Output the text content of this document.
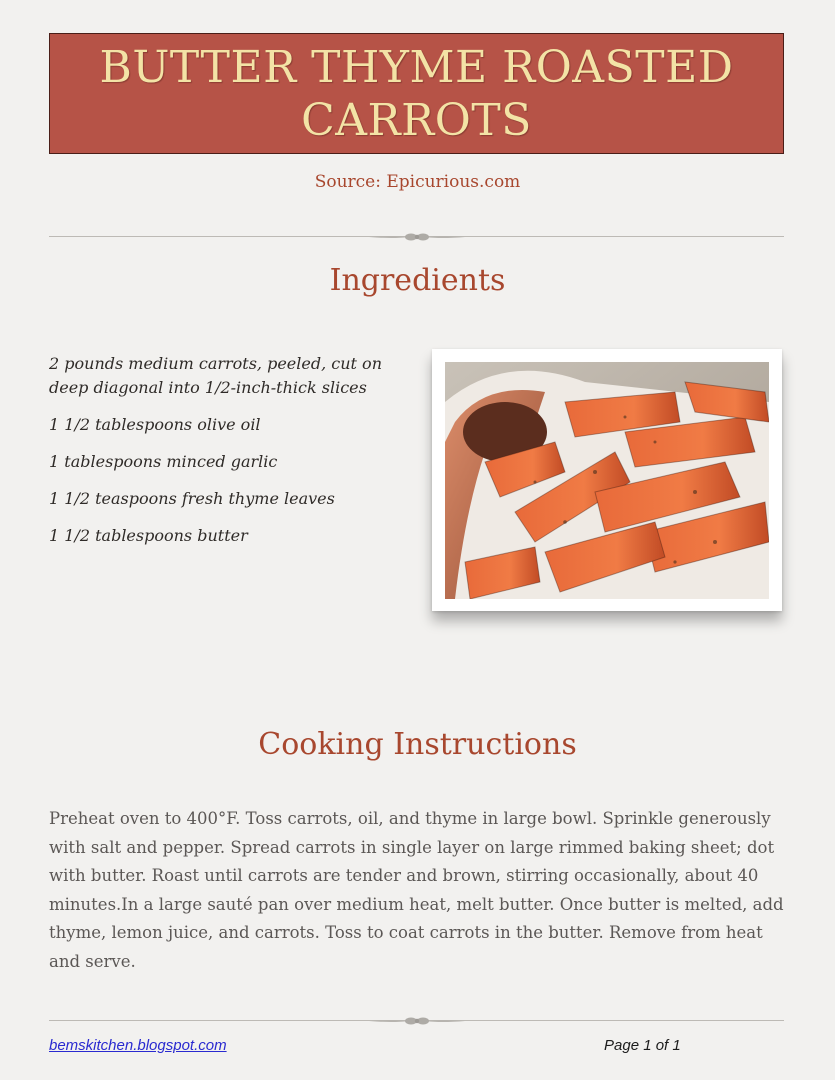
BUTTER THYME ROASTED CARROTS
Source: Epicurious.com
Ingredients
2 pounds medium carrots, peeled, cut on deep diagonal into 1/2-inch-thick slices
1 1/2 tablespoons olive oil
1 tablespoons minced garlic
1 1/2 teaspoons fresh thyme leaves
1 1/2 tablespoons butter
Cooking Instructions

Preheat oven to 400°F. Toss carrots, oil, and thyme in large bowl. Sprinkle generously with salt and pepper. Spread carrots in single layer on large rimmed baking sheet; dot with butter. Roast until carrots are tender and brown, stirring occasionally, about 40 minutes.In a large sauté pan over medium heat, melt butter. Once butter is melted, add thyme, lemon juice, and carrots. Toss to coat carrots in the butter. Remove from heat and serve.

bemskitchen.blogspot.com	Page 1 of 1
